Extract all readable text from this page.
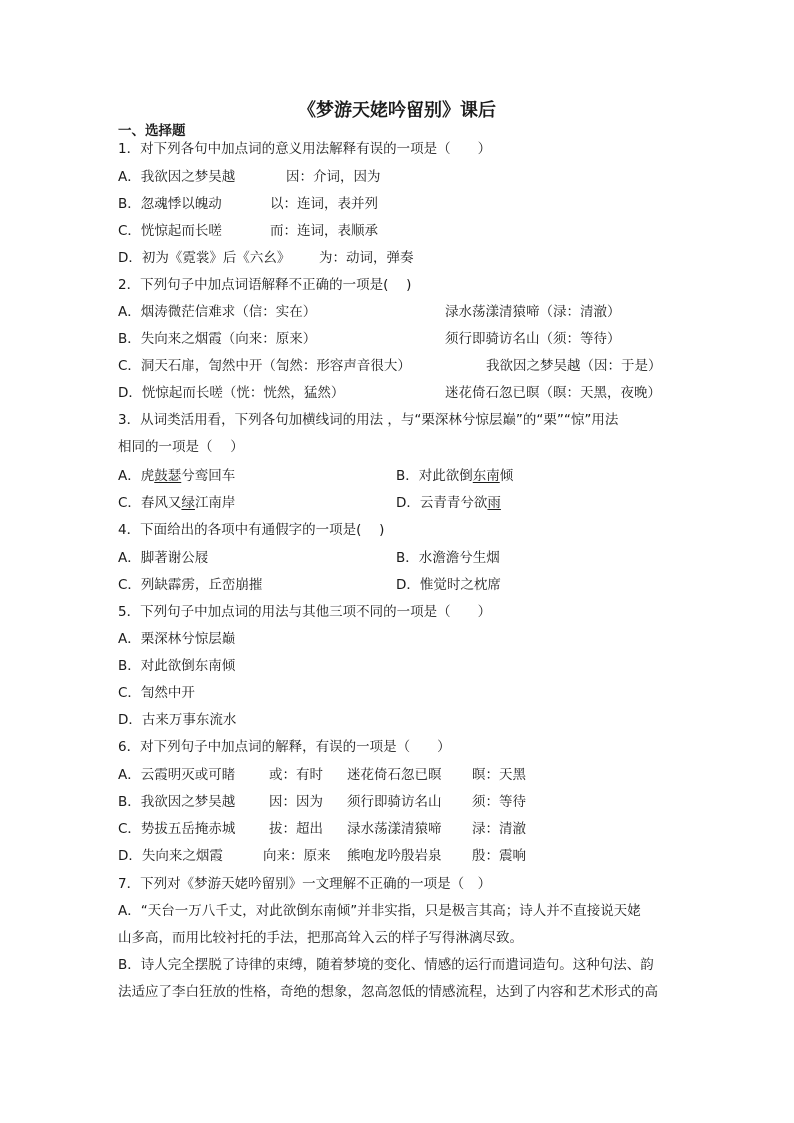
《梦游天姥吟留别》课后
一、选择题
1．对下列各句中加点词的意义用法解释有误的一项是（　　）
A．我欲因之梦吴越	因：介词，因为
B．忽魂悸以魄动	以：连词，表并列
C．恍惊起而长嗟	而：连词，表顺承
D．初为《霓裳》后《六幺》 为：动词，弹奏
2．下列句子中加点词语解释不正确的一项是(　 )
A．烟涛微茫信难求（信：实在）	渌水荡漾清猿啼（渌：清澈）
B．失向来之烟霞（向来：原来）	须行即骑访名山（须：等待）
C．洞天石扉，訇然中开（訇然：形容声音很大）	我欲因之梦吴越（因：于是）
D．恍惊起而长嗟（恍：恍然，猛然）	迷花倚石忽已暝（暝：天黑，夜晚）
3．从词类活用看，下列各句加横线词的用法 ，与“栗深林兮惊层巅”的“栗”“惊”用法
相同的一项是（　 ）
A．虎鼓瑟兮鸾回车	B．对此欲倒东南倾
C．春风又绿江南岸	D．云青青兮欲雨
4．下面给出的各项中有通假字的一项是(　 )
A．脚著谢公屐	B．水澹澹兮生烟
C．列缺霹雳，丘峦崩摧	D．惟觉时之枕席
5．下列句子中加点词的用法与其他三项不同的一项是（　　）
A．栗深林兮惊层巅
B．对此欲倒东南倾
C．訇然中开
D．古来万事东流水
6．对下列句子中加点词的解释，有误的一项是（　　）
A．云霞明灭或可睹	或：有时 迷花倚石忽已暝 暝：天黑
B．我欲因之梦吴越 因：因为 须行即骑访名山 须：等待
C．势拔五岳掩赤城 拔：超出 渌水荡漾清猿啼 渌：清澈
D．失向来之烟霞	向来：原来 熊咆龙吟殷岩泉 殷：震响
7．下列对《梦游天姥吟留别》一文理解不正确的一项是（　）
A．“天台一万八千丈，对此欲倒东南倾”并非实指，只是极言其高；诗人并不直接说天姥
山多高，而用比较衬托的手法，把那高耸入云的样子写得淋漓尽致。
B．诗人完全摆脱了诗律的束缚，随着梦境的变化、情感的运行而遣词造句。这种句法、韵
法适应了李白狂放的性格，奇绝的想象，忽高忽低的情感流程，达到了内容和艺术形式的高
